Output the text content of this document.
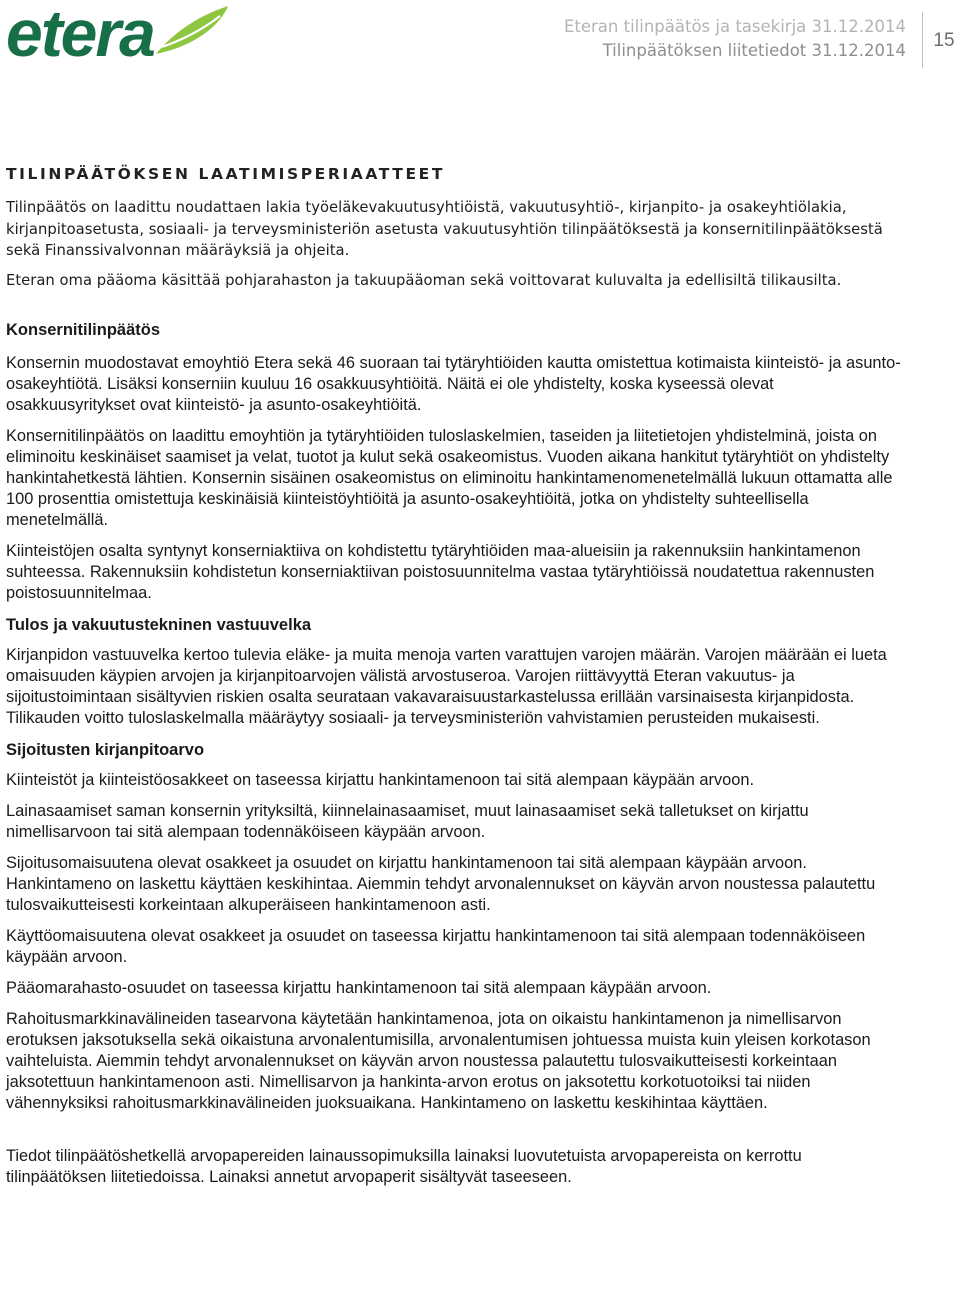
etera	Eteran tilinpäätös ja tasekirja 31.12.2014
Tilinpäätöksen liitetiedot 31.12.2014 15
TILINPÄÄTÖKSEN LAATIMISPERIAATTEET

Tilinpäätös on laadittu noudattaen lakia työeläkevakuutusyhtiöistä, vakuutusyhtiö-, kirjanpito- ja osakeyhtiölakia, kirjanpitoasetusta, sosiaali- ja terveysministeriön asetusta vakuutusyhtiön tilinpäätöksestä ja konsernitilinpäätöksestä sekä Finanssivalvonnan määräyksiä ja ohjeita.

Eteran oma pääoma käsittää pohjarahaston ja takuupääoman sekä voittovarat kuluvalta ja edellisiltä tilikausilta.

Konsernitilinpäätös

Konsernin muodostavat emoyhtiö Etera sekä 46 suoraan tai tytäryhtiöiden kautta omistettua kotimaista kiinteistö- ja asunto-osakeyhtiötä. Lisäksi konserniin kuuluu 16 osakkuusyhtiöitä. Näitä ei ole yhdistelty, koska kyseessä olevat osakkuusyritykset ovat kiinteistö- ja asunto-osakeyhtiöitä.

Konsernitilinpäätös on laadittu emoyhtiön ja tytäryhtiöiden tuloslaskelmien, taseiden ja liitetietojen yhdistelminä, joista on eliminoitu keskinäiset saamiset ja velat, tuotot ja kulut sekä osakeomistus. Vuoden aikana hankitut tytäryhtiöt on yhdistelty hankintahetkestä lähtien. Konsernin sisäinen osakeomistus on eliminoitu hankintamenomenetelmällä lukuun ottamatta alle 100 prosenttia omistettuja keskinäisiä kiinteistöyhtiöitä ja asunto-osakeyhtiöitä, jotka on yhdistelty suhteellisella menetelmällä.

Kiinteistöjen osalta syntynyt konserniaktiiva on kohdistettu tytäryhtiöiden maa-alueisiin ja rakennuksiin hankintamenon suhteessa. Rakennuksiin kohdistetun konserniaktiivan poistosuunnitelma vastaa tytäryhtiöissä noudatettua rakennusten poistosuunnitelmaa.

Tulos ja vakuutustekninen vastuuvelka

Kirjanpidon vastuuvelka kertoo tulevia eläke- ja muita menoja varten varattujen varojen määrän. Varojen määrään ei lueta omaisuuden käypien arvojen ja kirjanpitoarvojen välistä arvostuseroa. Varojen riittävyyttä Eteran vakuutus- ja sijoitustoimintaan sisältyvien riskien osalta seurataan vakavaraisuustarkastelussa erillään varsinaisesta kirjanpidosta. Tilikauden voitto tuloslaskelmalla määräytyy sosiaali- ja terveysministeriön vahvistamien perusteiden mukaisesti.

Sijoitusten kirjanpitoarvo

Kiinteistöt ja kiinteistöosakkeet on taseessa kirjattu hankintamenoon tai sitä alempaan käypään arvoon.

Lainasaamiset saman konsernin yrityksiltä, kiinnelainasaamiset, muut lainasaamiset sekä talletukset on kirjattu nimellisarvoon tai sitä alempaan todennäköiseen käypään arvoon.

Sijoitusomaisuutena olevat osakkeet ja osuudet on kirjattu hankintamenoon tai sitä alempaan käypään arvoon. Hankintameno on laskettu käyttäen keskihintaa. Aiemmin tehdyt arvonalennukset on käyvän arvon noustessa palautettu tulosvaikutteisesti korkeintaan alkuperäiseen hankintamenoon asti.

Käyttöomaisuutena olevat osakkeet ja osuudet on taseessa kirjattu hankintamenoon tai sitä alempaan todennäköiseen käypään arvoon.

Pääomarahasto-osuudet on taseessa kirjattu hankintamenoon tai sitä alempaan käypään arvoon.

Rahoitusmarkkinavälineiden tasearvona käytetään hankintamenoa, jota on oikaistu hankintamenon ja nimellisarvon erotuksen jaksotuksella sekä oikaistuna arvonalentumisilla, arvonalentumisen johtuessa muista kuin yleisen korkotason vaihteluista. Aiemmin tehdyt arvonalennukset on käyvän arvon noustessa palautettu tulosvaikutteisesti korkeintaan jaksotettuun hankintamenoon asti. Nimellisarvon ja hankinta-arvon erotus on jaksotettu korkotuotoiksi tai niiden vähennyksiksi rahoitusmarkkinavälineiden juoksuaikana. Hankintameno on laskettu keskihintaa käyttäen.

Tiedot tilinpäätöshetkellä arvopapereiden lainaussopimuksilla lainaksi luovutetuista arvopapereista on kerrottu tilinpäätöksen liitetiedoissa. Lainaksi annetut arvopaperit sisältyvät taseeseen.
